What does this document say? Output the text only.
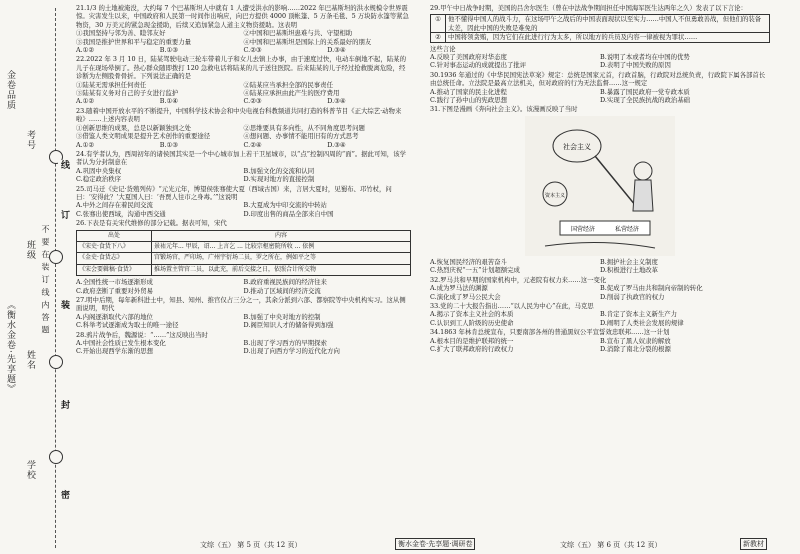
《衡水金卷·先享题》
金卷品质
学校
姓名
班级
考号
线
订
装
封
密
不 要 在 装 订 线 内 答 题
21.1/3 的土地被淹没，大约每 7 个巴基斯坦人中就有 1 人遭受洪水的影响……2022 年巴基斯坦的洪水规模令世界震惊。灾害发生以来，中国政府和人民第一时间作出响应，向巴方提供 4000 顶帐篷、5 万条毛毯、5 万块防水篷等紧急物资，30 万美元的紧急现金援助，后续又追加紧急人道主义物资援助。这表明
①我国坚持与邻为善、睦邻友好	②中国和巴基斯坦患难与共、守望相助
③我国是推护世界和平与稳定的重要力量	④中国和巴基斯坦是国际上的关系最好的朋友
A.①②	B.①③	C.②③	D.③④
22.2022 年 3 月 10 日，陆某驾驶电动三轮车带着儿子和女儿去镇上办事，由于速度过快，电动车倒地不起，陆某的儿子在现场晕倒了。热心群众随即拨打 120 急救电话将陆某的儿子送往医院。后来陆某的儿子经过抢救脱离危险，经诊断为左侧股骨骨折。下列说法正确的是
①陆某无需承担任何责任	②陆某应当承担全部的民事责任
③陆某有义务对自己的子女进行监护	④陆某应承担由此产生的医疗费用
A.①②	B.①④	C.②③	D.③④
23.随着中国开放水平的不断提升，中国科学技术协会和中央电视台科教频道共同打造的科普节目《正大综艺·动物来啦》……上述内容表明
①创新思维的成果，总是以新颖独到之处	②思维要具有多向性，从不同角度思考问题
③借鉴人类文明成果是提升艺术创作的重要途径	④想问题、办事情不能用旧有的方式思考
A.①②	B.①③	C.②④	D.③④
24.有学者认为，西周初年的诸侯国其实是一个中心城市加上若干卫星城市，以“点”控制四周的“面”。据此可知，该学者认为分封制意在
A.巩固中央集权	B.加强文化的交流和认同
C.稳定政治秩序	D.实现对地方的直接控制
25.司马迁《史记·货殖列传》“元光元年，博望侯张骞使大夏（西域古国）来，言居大夏时，见蜀布、邛竹杖，问曰：‘安得此？’大夏国人曰：‘吾贾人往市之身毒。’”这说明
A.中外之间存在着民间交流	B.大夏成为中印交流的中转站
C.张骞出使西域，沟通中西交通	D.印度出售的商品全部来自中国
26.下表是有关宋代维修的部分记载。据表可知，宋代
出处	内容
《宋史·食货下八》	景祐元年... 甲辰，诏... 上言乞 ... 比较宗枢密院所收 ... 依例
《金史·食货志》	宫锻场官，严印场，广州宇衍场二员，罗之所在，例如平之等
《宋会要辑稿·食货》	推场置主管官二员，以此充，前后交接之日，依照合计所交物
A.全国性统一市场逐渐形成	B.政府重视民族间的经济往来
C.政府垄断了重要对外贸易	D.推动了区域间的经济交流
27.明中后期，每年新科进士中，知县、知州、推官仅占三分之一，其余分派到六部、都察院等中央机构实习。这从侧面说明，明代
A.内阁逐渐取代六部的地位	B.加强了中央对地方的控制
C.科举考试逐渐成为取士的唯一途径	D.阁臣知识人才的储备得到加强
28.鸦片战争后，魏源说：“……”这反映出当时
A.中国社会性质已发生根本变化	B.出现了学习西方的早期探索
C.开始出现西学东渐的思想	D.出现了向西方学习的近代化方向
29.甲午中日战争时期，美国的吕舍尔医生（曾在中法战争期间担任中国海军医生达两年之久）发表了以下言论：
①	他不懂得中国人的战斗力，在这场甲午之战后的中国表面现状以至实力……中国人不但勇敢善战，但他们的装备太差，因此中国的失败是难免的
②	中国将领贪贿，因为它们在此进行行为太多，所以地方的兵员及内容一律被视为罪状……
这些言论
A.反映了美国政府对华态度	B.说明了本或者均在中国的优势
C.针对事态运动的成就提出了批评	D.表明了中国失败的原因
30.1936 年通过的《中华民国宪法草案》规定：总统是国家元首，行政首脑，行政院对总统负责，行政院下属各部首长由总统任命。立法院是最高立法机关，但对政府的行为无法监督……这一规定
A.推动了国家的民主化进程	B.暴露了国民政府一党专政本质
C.践行了孙中山的宪政思想	D.实现了全民族抗战的政治基础
31.下图是漫画《奔向社会主义》。该漫画反映了当时
社会主义
资本主义
国营经济	私营经济
A.恢复国民经济的艰苦奋斗	B.拥护社会主义制度
C.热烈庆祝“一五”计划超额完成	D.积极进行土地改革
32.罗马共和早期的国家机构中，元老院有权力来……这一变化
A.成为罗马法的渊源	B.促成了罗马由共和制向帝制的转化
C.演化成了罗马公民大会	D.削弱了执政官的权力
33.党的二十大报告指出……“以人民为中心”在此，马克思
A.揭示了资本主义社会的本质	B.肯定了资本主义新生产力
C.认识到工人阶级的历史使命	D.阐明了人类社会发展的规律
34.1863 年林肯总统宣布，只要南部各州的普通黑奴公平宣誓效忠联邦……这一计划
A.根本目的是维护联邦的统一	B.宣布了黑人奴隶的解放
C.扩大了联邦政府的行政权力	D.消除了南北分裂的根源
文综（五） 第 5 页（共 12 页）	衡水金卷·先享题·调研卷	文综（五） 第 6 页（共 12 页）	新教材
